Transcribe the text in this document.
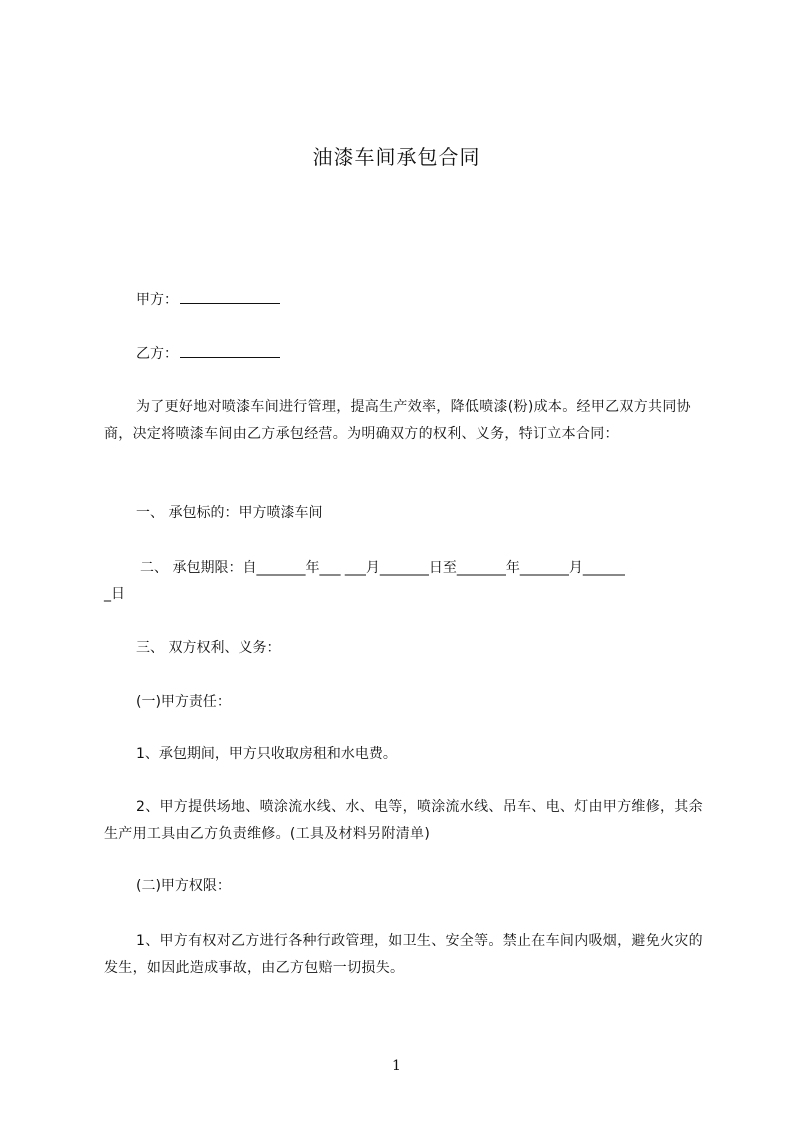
油漆车间承包合同
甲方：
乙方：
为了更好地对喷漆车间进行管理，提高生产效率，降低喷漆(粉)成本。经甲乙双方共同协商，决定将喷漆车间由乙方承包经营。为明确双方的权利、义务，特订立本合同：
一、 承包标的：甲方喷漆车间
二、 承包期限：自_______年___ ___月_______日至_______年_______月______
_日
三、 双方权利、义务：
(一)甲方责任：
1、承包期间，甲方只收取房租和水电费。
2、甲方提供场地、喷涂流水线、水、电等，喷涂流水线、吊车、电、灯由甲方维修，其余生产用工具由乙方负责维修。(工具及材料另附清单)
(二)甲方权限：
1、甲方有权对乙方进行各种行政管理，如卫生、安全等。禁止在车间内吸烟，避免火灾的发生，如因此造成事故，由乙方包赔一切损失。
1
